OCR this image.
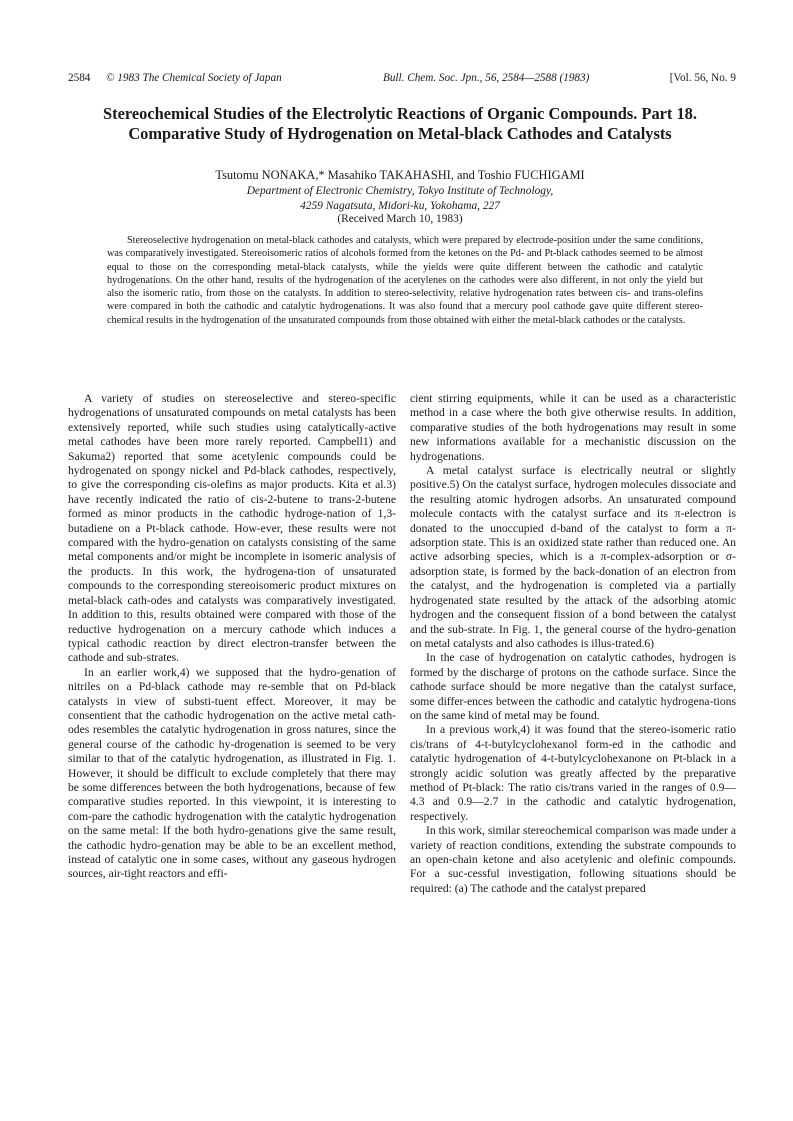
2584 © 1983 The Chemical Society of Japan	Bull. Chem. Soc. Jpn., 56, 2584—2588 (1983)	[Vol. 56, No. 9
Stereochemical Studies of the Electrolytic Reactions of Organic Compounds. Part 18. Comparative Study of Hydrogenation on Metal-black Cathodes and Catalysts
Tsutomu NONAKA,* Masahiko TAKAHASHI, and Toshio FUCHIGAMI
Department of Electronic Chemistry, Tokyo Institute of Technology,
4259 Nagatsuta, Midori-ku, Yokohama, 227
(Received March 10, 1983)

Stereoselective hydrogenation on metal-black cathodes and catalysts, which were prepared by electrode-position under the same conditions, was comparatively investigated. Stereoisomeric ratios of alcohols formed from the ketones on the Pd- and Pt-black cathodes seemed to be almost equal to those on the corresponding metal-black catalysts, while the yields were quite different between the cathodic and catalytic hydrogenations. On the other hand, results of the hydrogenation of the acetylenes on the cathodes were also different, in not only the yield but also the isomeric ratio, from those on the catalysts. In addition to stereo-selectivity, relative hydrogenation rates between cis- and trans-olefins were compared in both the cathodic and catalytic hydrogenations. It was also found that a mercury pool cathode gave quite different stereo-chemical results in the hydrogenation of the unsaturated compounds from those obtained with either the metal-black cathodes or the catalysts.

A variety of studies on stereoselective and stereo-specific hydrogenations of unsaturated compounds on metal catalysts has been extensively reported, while such studies using catalytically-active metal cathodes have been more rarely reported. Campbell1) and Sakuma2) reported that some acetylenic compounds could be hydrogenated on spongy nickel and Pd-black cathodes, respectively, to give the corresponding cis-olefins as major products. Kita et al.3) have recently indicated the ratio of cis-2-butene to trans-2-butene formed as minor products in the cathodic hydroge-nation of 1,3-butadiene on a Pt-black cathode. How-ever, these results were not compared with the hydro-genation on catalysts consisting of the same metal components and/or might be incomplete in isomeric analysis of the products. In this work, the hydrogena-tion of unsaturated compounds to the corresponding stereoisomeric product mixtures on metal-black cath-odes and catalysts was comparatively investigated. In addition to this, results obtained were compared with those of the reductive hydrogenation on a mercury cathode which induces a typical cathodic reaction by direct electron-transfer between the cathode and sub-strates.

In an earlier work,4) we supposed that the hydro-genation of nitriles on a Pd-black cathode may re-semble that on Pd-black catalysts in view of substi-tuent effect. Moreover, it may be consentient that the cathodic hydrogenation on the active metal cath-odes resembles the catalytic hydrogenation in gross natures, since the general course of the cathodic hy-drogenation is seemed to be very similar to that of the catalytic hydrogenation, as illustrated in Fig. 1. However, it should be difficult to exclude completely that there may be some differences between the both hydrogenations, because of few comparative studies reported. In this viewpoint, it is interesting to com-pare the cathodic hydrogenation with the catalytic hydrogenation on the same metal: If the both hydro-genations give the same result, the cathodic hydro-genation may be able to be an excellent method, instead of catalytic one in some cases, without any gaseous hydrogen sources, air-tight reactors and effi-

cient stirring equipments, while it can be used as a characteristic method in a case where the both give otherwise results. In addition, comparative studies of the both hydrogenations may result in some new informations available for a mechanistic discussion on the hydrogenations.

A metal catalyst surface is electrically neutral or slightly positive.5) On the catalyst surface, hydrogen molecules dissociate and the resulting atomic hydrogen adsorbs. An unsaturated compound molecule contacts with the catalyst surface and its π-electron is donated to the unoccupied d-band of the catalyst to form a π-adsorption state. This is an oxidized state rather than reduced one. An active adsorbing species, which is a π-complex-adsorption or σ-adsorption state, is formed by the back-donation of an electron from the catalyst, and the hydrogenation is completed via a partially hydrogenated state resulted by the attack of the adsorbing atomic hydrogen and the consequent fission of a bond between the catalyst and the sub-strate. In Fig. 1, the general course of the hydro-genation on metal catalysts and also cathodes is illus-trated.6)

In the case of hydrogenation on catalytic cathodes, hydrogen is formed by the discharge of protons on the cathode surface. Since the cathode surface should be more negative than the catalyst surface, some differ-ences between the cathodic and catalytic hydrogena-tions on the same kind of metal may be found.

In a previous work,4) it was found that the stereo-isomeric ratio cis/trans of 4-t-butylcyclohexanol form-ed in the cathodic and catalytic hydrogenation of 4-t-butylcyclohexanone on Pt-black in a strongly acidic solution was greatly affected by the preparative method of Pt-black: The ratio cis/trans varied in the ranges of 0.9—4.3 and 0.9—2.7 in the cathodic and catalytic hydrogenation, respectively.

In this work, similar stereochemical comparison was made under a variety of reaction conditions, extending the substrate compounds to an open-chain ketone and also acetylenic and olefinic compounds. For a suc-cessful investigation, following situations should be required: (a) The cathode and the catalyst prepared
